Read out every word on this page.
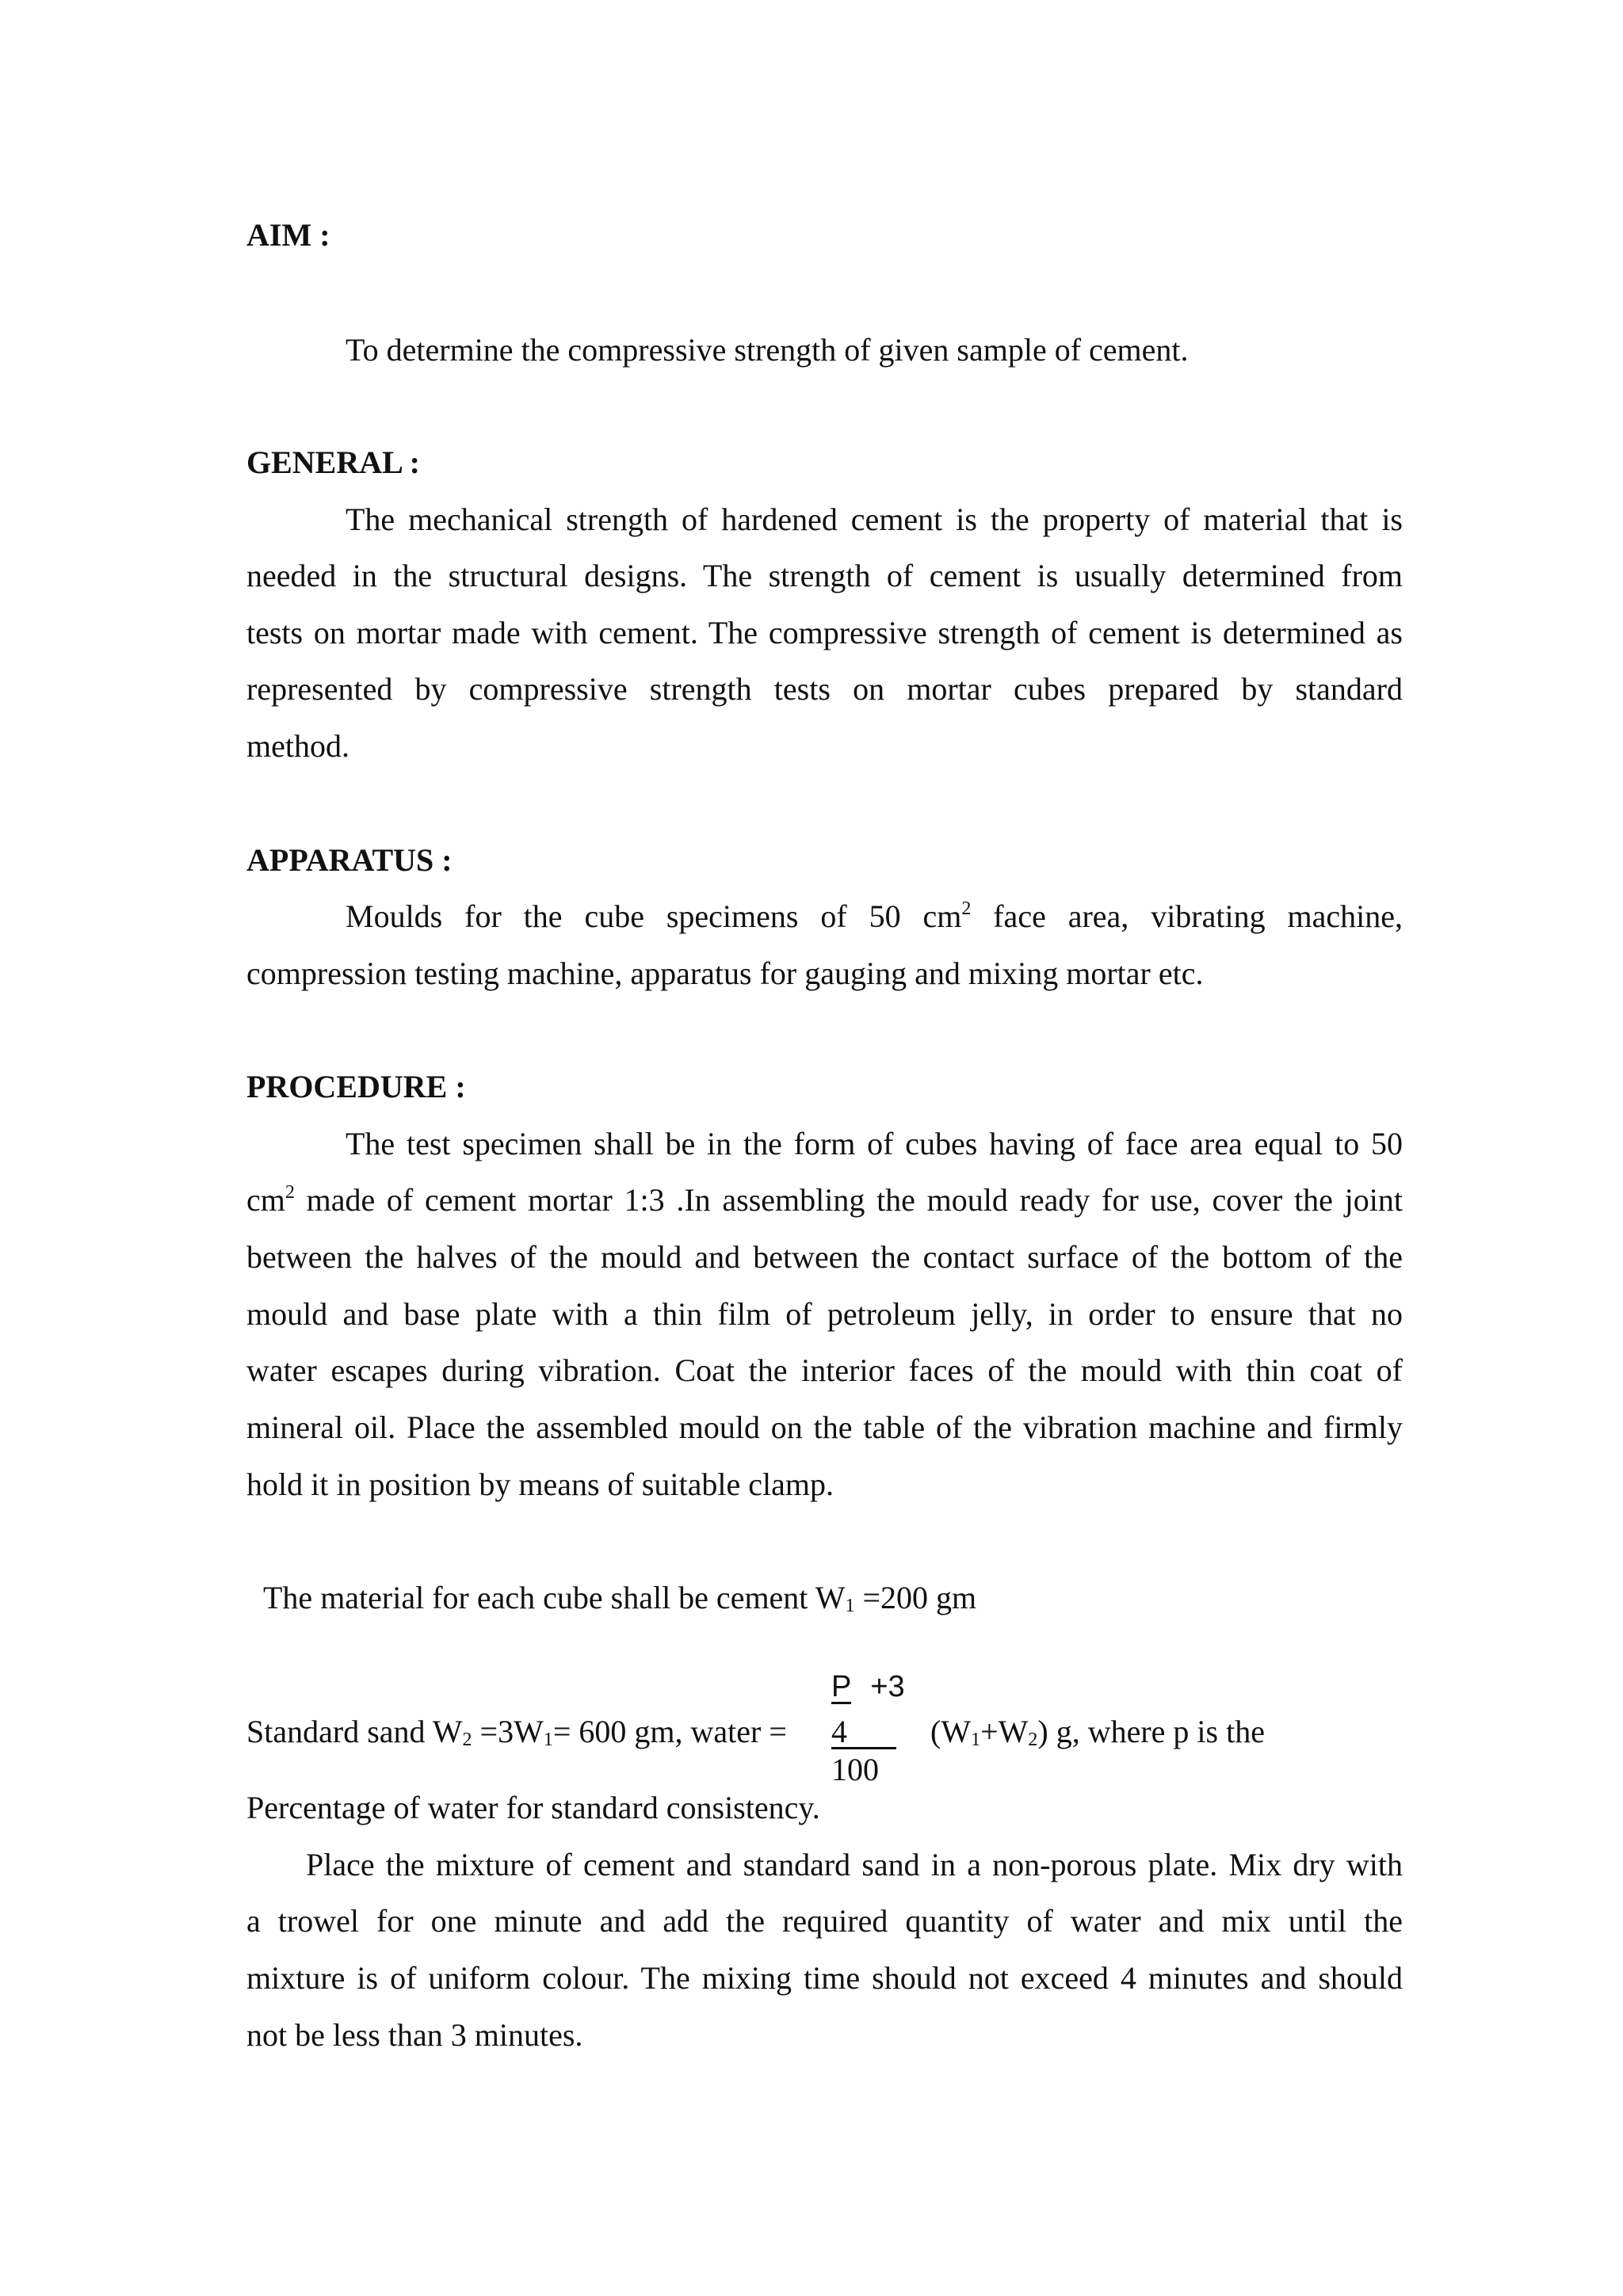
AIM :
To determine the compressive strength of given sample of cement.
GENERAL :
The mechanical strength of hardened cement is the property of material that is
needed in the structural designs. The strength of cement is usually determined from
tests on mortar made with cement. The compressive strength of cement is determined as
represented by compressive strength tests on mortar cubes prepared by standard
method.
APPARATUS :
Moulds for the cube specimens of 50 $cm^2$ face area, vibrating machine,
compression testing machine, apparatus for gauging and mixing mortar etc.
PROCEDURE :
The test specimen shall be in the form of cubes having of face area equal to 50
$cm^2$ made of cement mortar 1:3 .In assembling the mould ready for use, cover the joint
between the halves of the mould and between the contact surface of the bottom of the
mould and base plate with a thin film of petroleum jelly, in order to ensure that no
water escapes during vibration. Coat the interior faces of the mould with thin coat of
mineral oil. Place the assembled mould on the table of the vibration machine and firmly
hold it in position by means of suitable clamp.
The material for each cube shall be cement $W_1 =200$ gm
P +3
Standard sand $W_2 =3W_1= 600$ gm, water = 4	$(W_1+W_2)$ g, where p is the
100
Percentage of water for standard consistency.
Place the mixture of cement and standard sand in a non-porous plate. Mix dry with
a trowel for one minute and add the required quantity of water and mix until the
mixture is of uniform colour. The mixing time should not exceed 4 minutes and should
not be less than 3 minutes.
